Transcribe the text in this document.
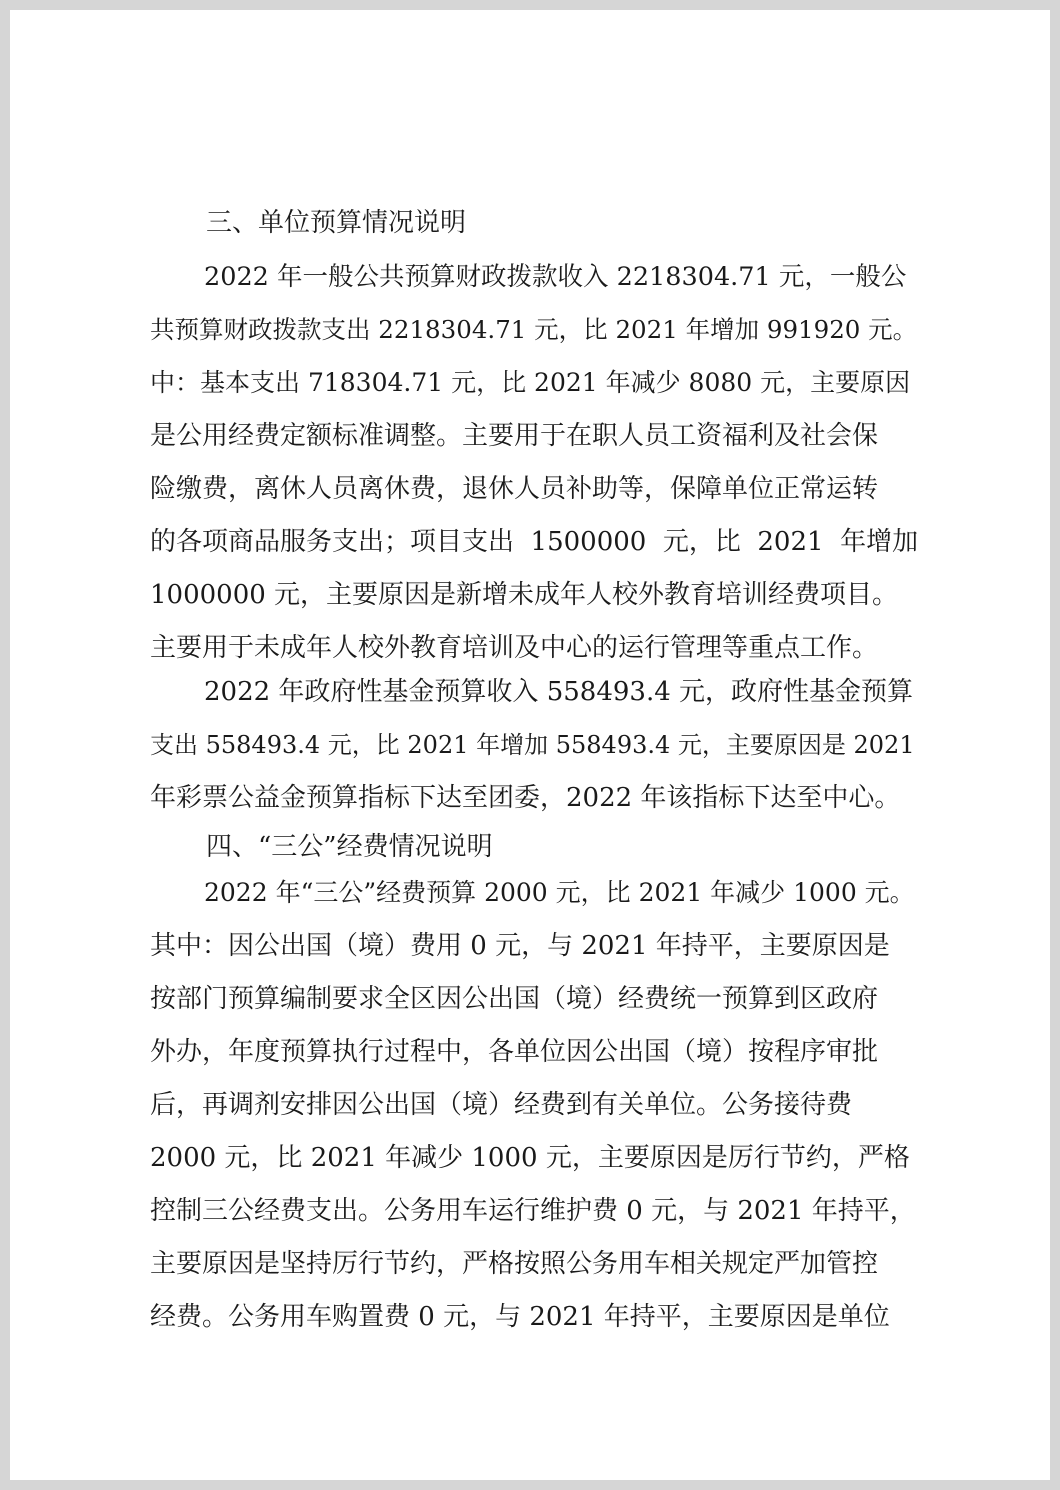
三、单位预算情况说明

2022 年一般公共预算财政拨款收入 2218304.71 元，一般公

共预算财政拨款支出 2218304.71 元，比 2021 年增加 991920 元。

中：基本支出 718304.71 元，比 2021 年减少 8080 元，主要原因

是公用经费定额标准调整。主要用于在职人员工资福利及社会保

险缴费，离休人员离休费，退休人员补助等，保障单位正常运转

的各项商品服务支出；项目支出  1500000  元，比  2021  年增加

1000000 元，主要原因是新增未成年人校外教育培训经费项目。

主要用于未成年人校外教育培训及中心的运行管理等重点工作。

2022 年政府性基金预算收入 558493.4 元，政府性基金预算

支出 558493.4 元，比 2021 年增加 558493.4 元，主要原因是 2021

年彩票公益金预算指标下达至团委，2022 年该指标下达至中心。

四、“三公”经费情况说明

2022 年“三公”经费预算 2000 元，比 2021 年减少 1000 元。

其中：因公出国（境）费用 0 元，与 2021 年持平，主要原因是

按部门预算编制要求全区因公出国（境）经费统一预算到区政府

外办，年度预算执行过程中，各单位因公出国（境）按程序审批

后，再调剂安排因公出国（境）经费到有关单位。公务接待费

2000 元，比 2021 年减少 1000 元，主要原因是厉行节约，严格

控制三公经费支出。公务用车运行维护费 0 元，与 2021 年持平，

主要原因是坚持厉行节约，严格按照公务用车相关规定严加管控

经费。公务用车购置费 0 元，与 2021 年持平，主要原因是单位
